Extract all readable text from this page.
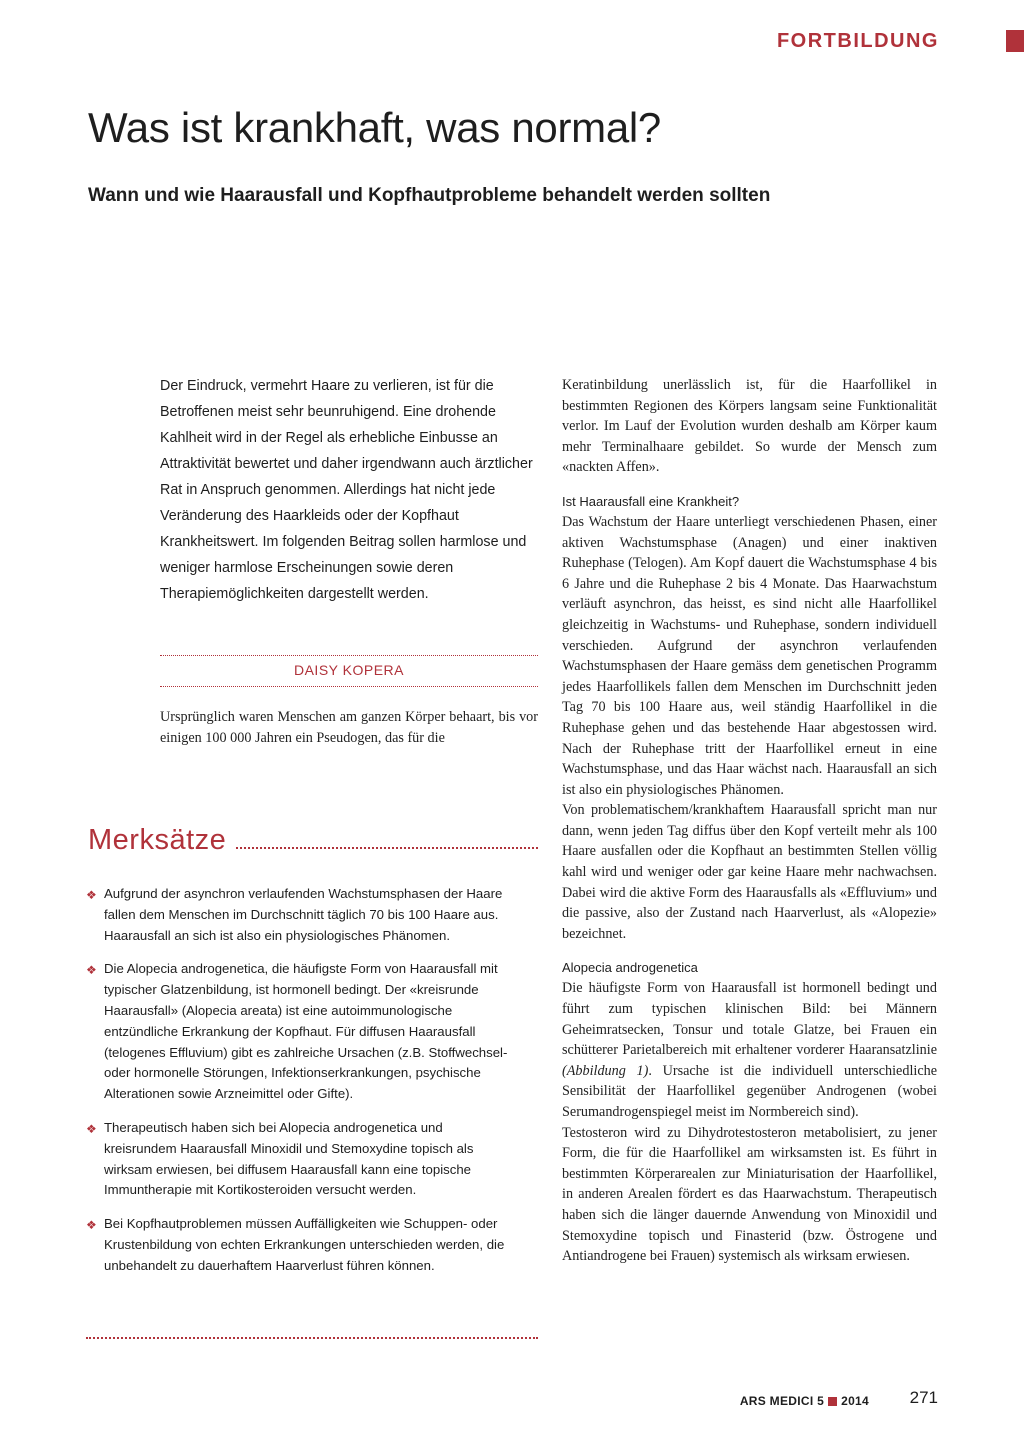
FORTBILDUNG
Was ist krankhaft, was normal?
Wann und wie Haarausfall und Kopfhautprobleme behandelt werden sollten

Der Eindruck, vermehrt Haare zu verlieren, ist für die Betroffenen meist sehr beunruhigend. Eine drohende Kahlheit wird in der Regel als erhebliche Einbusse an Attraktivität bewertet und daher irgendwann auch ärztlicher Rat in Anspruch genommen. Allerdings hat nicht jede Veränderung des Haarkleids oder der Kopfhaut Krankheitswert. Im folgenden Beitrag sollen harmlose und weniger harmlose Erscheinungen sowie deren Therapiemöglichkeiten dargestellt werden.

DAISY KOPERA

Ursprünglich waren Menschen am ganzen Körper behaart, bis vor einigen 100 000 Jahren ein Pseudogen, das für die

Merksätze
❖ Aufgrund der asynchron verlaufenden Wachstumsphasen der Haare fallen dem Menschen im Durchschnitt täglich 70 bis 100 Haare aus. Haarausfall an sich ist also ein physiologisches Phänomen.
❖ Die Alopecia androgenetica, die häufigste Form von Haarausfall mit typischer Glatzenbildung, ist hormonell bedingt. Der «kreisrunde Haarausfall» (Alopecia areata) ist eine autoimmunologische entzündliche Erkrankung der Kopfhaut. Für diffusen Haarausfall (telogenes Effluvium) gibt es zahlreiche Ursachen (z.B. Stoffwechsel- oder hormonelle Störungen, Infektionserkrankungen, psychische Alterationen sowie Arzneimittel oder Gifte).
❖ Therapeutisch haben sich bei Alopecia androgenetica und kreisrundem Haarausfall Minoxidil und Stemoxydine topisch als wirksam erwiesen, bei diffusem Haarausfall kann eine topische Immuntherapie mit Kortikosteroiden versucht werden.
❖ Bei Kopfhautproblemen müssen Auffälligkeiten wie Schuppen- oder Krustenbildung von echten Erkrankungen unterschieden werden, die unbehandelt zu dauerhaftem Haarverlust führen können.

Keratinbildung unerlässlich ist, für die Haarfollikel in bestimmten Regionen des Körpers langsam seine Funktionalität verlor. Im Lauf der Evolution wurden deshalb am Körper kaum mehr Terminalhaare gebildet. So wurde der Mensch zum «nackten Affen».

Ist Haarausfall eine Krankheit?

Das Wachstum der Haare unterliegt verschiedenen Phasen, einer aktiven Wachstumsphase (Anagen) und einer inaktiven Ruhephase (Telogen). Am Kopf dauert die Wachstumsphase 4 bis 6 Jahre und die Ruhephase 2 bis 4 Monate. Das Haarwachstum verläuft asynchron, das heisst, es sind nicht alle Haarfollikel gleichzeitig in Wachstums- und Ruhephase, sondern individuell verschieden. Aufgrund der asynchron verlaufenden Wachstumsphasen der Haare gemäss dem genetischen Programm jedes Haarfollikels fallen dem Menschen im Durchschnitt jeden Tag 70 bis 100 Haare aus, weil ständig Haarfollikel in die Ruhephase gehen und das bestehende Haar abgestossen wird. Nach der Ruhephase tritt der Haarfollikel erneut in eine Wachstumsphase, und das Haar wächst nach. Haarausfall an sich ist also ein physiologisches Phänomen.

Von problematischem/krankhaftem Haarausfall spricht man nur dann, wenn jeden Tag diffus über den Kopf verteilt mehr als 100 Haare ausfallen oder die Kopfhaut an bestimmten Stellen völlig kahl wird und weniger oder gar keine Haare mehr nachwachsen. Dabei wird die aktive Form des Haarausfalls als «Effluvium» und die passive, also der Zustand nach Haarverlust, als «Alopezie» bezeichnet.

Alopecia androgenetica

Die häufigste Form von Haarausfall ist hormonell bedingt und führt zum typischen klinischen Bild: bei Männern Geheimratsecken, Tonsur und totale Glatze, bei Frauen ein schütterer Parietalbereich mit erhaltener vorderer Haaransatzlinie (Abbildung 1). Ursache ist die individuell unterschiedliche Sensibilität der Haarfollikel gegenüber Androgenen (wobei Serumandrogenspiegel meist im Normbereich sind).

Testosteron wird zu Dihydrotestosteron metabolisiert, zu jener Form, die für die Haarfollikel am wirksamsten ist. Es führt in bestimmten Körperarealen zur Miniaturisation der Haarfollikel, in anderen Arealen fördert es das Haarwachstum. Therapeutisch haben sich die länger dauernde Anwendung von Minoxidil und Stemoxydine topisch und Finasterid (bzw. Östrogene und Antiandrogene bei Frauen) systemisch als wirksam erwiesen.

ARS MEDICI 5 2014 271
